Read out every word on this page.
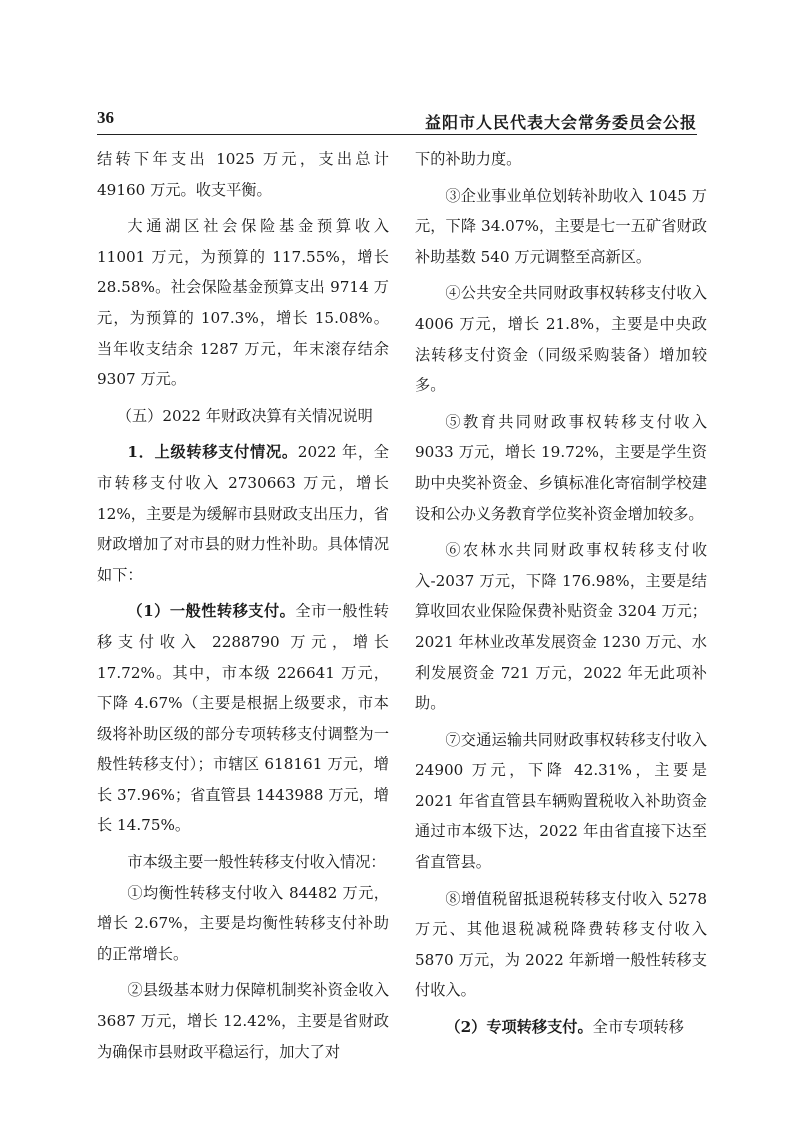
36	益阳市人民代表大会常务委员会公报

结转下年支出 1025 万元，支出总计 49160 万元。收支平衡。

大通湖区社会保险基金预算收入 11001 万元，为预算的 117.55%，增长 28.58%。社会保险基金预算支出 9714 万元，为预算的 107.3%，增长 15.08%。当年收支结余 1287 万元，年末滚存结余 9307 万元。

（五）2022 年财政决算有关情况说明

1．上级转移支付情况。2022 年，全市转移支付收入 2730663 万元，增长 12%，主要是为缓解市县财政支出压力，省财政增加了对市县的财力性补助。具体情况如下：

（1）一般性转移支付。全市一般性转移支付收入 2288790 万元，增长 17.72%。其中，市本级 226641 万元，下降 4.67%（主要是根据上级要求，市本级将补助区级的部分专项转移支付调整为一般性转移支付）；市辖区 618161 万元，增长 37.96%；省直管县 1443988 万元，增长 14.75%。

市本级主要一般性转移支付收入情况：

①均衡性转移支付收入 84482 万元，增长 2.67%，主要是均衡性转移支付补助的正常增长。

②县级基本财力保障机制奖补资金收入 3687 万元，增长 12.42%，主要是省财政为确保市县财政平稳运行，加大了对

下的补助力度。

③企业事业单位划转补助收入 1045 万元，下降 34.07%，主要是七一五矿省财政补助基数 540 万元调整至高新区。

④公共安全共同财政事权转移支付收入 4006 万元，增长 21.8%，主要是中央政法转移支付资金（同级采购装备）增加较多。

⑤教育共同财政事权转移支付收入 9033 万元，增长 19.72%，主要是学生资助中央奖补资金、乡镇标准化寄宿制学校建设和公办义务教育学位奖补资金增加较多。

⑥农林水共同财政事权转移支付收入-2037 万元，下降 176.98%，主要是结算收回农业保险保费补贴资金 3204 万元；2021 年林业改革发展资金 1230 万元、水利发展资金 721 万元，2022 年无此项补助。

⑦交通运输共同财政事权转移支付收入 24900 万元，下降 42.31%，主要是 2021 年省直管县车辆购置税收入补助资金通过市本级下达，2022 年由省直接下达至省直管县。

⑧增值税留抵退税转移支付收入 5278 万元、其他退税减税降费转移支付收入 5870 万元，为 2022 年新增一般性转移支付收入。

（2）专项转移支付。全市专项转移
